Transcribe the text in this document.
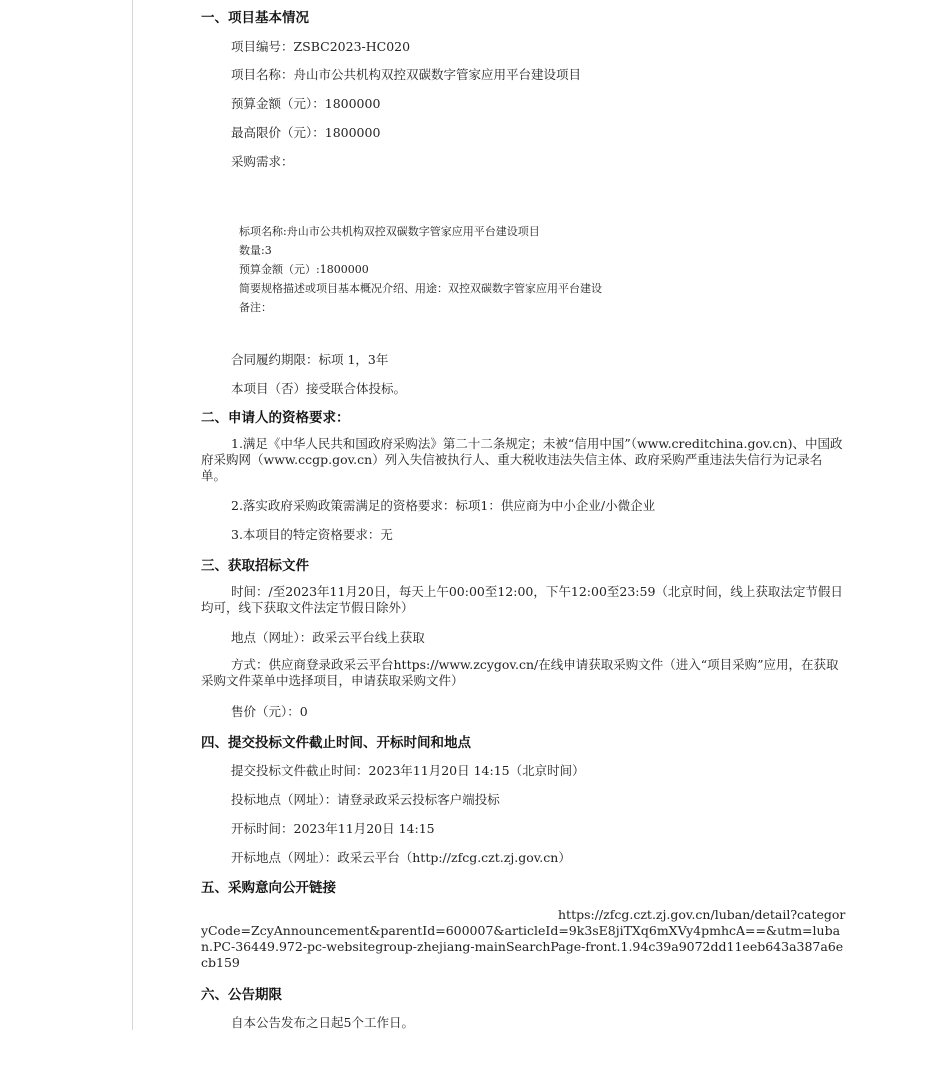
一、项目基本情况
项目编号：ZSBC2023-HC020
项目名称：舟山市公共机构双控双碳数字管家应用平台建设项目
预算金额（元）：1800000
最高限价（元）：1800000
采购需求：
标项名称:舟山市公共机构双控双碳数字管家应用平台建设项目
数量:3
预算金额（元）:1800000
简要规格描述或项目基本概况介绍、用途：双控双碳数字管家应用平台建设
备注：
合同履约期限：标项 1，3年
本项目（否）接受联合体投标。
二、申请人的资格要求：
1.满足《中华人民共和国政府采购法》第二十二条规定；未被“信用中国”（www.creditchina.gov.cn)、中国政府采购网（www.ccgp.gov.cn）列入失信被执行人、重大税收违法失信主体、政府采购严重违法失信行为记录名单。
2.落实政府采购政策需满足的资格要求：标项1：供应商为中小企业/小微企业
3.本项目的特定资格要求：无
三、获取招标文件
时间：/至2023年11月20日，每天上午00:00至12:00，下午12:00至23:59（北京时间，线上获取法定节假日均可，线下获取文件法定节假日除外）
地点（网址）：政采云平台线上获取
方式：供应商登录政采云平台https://www.zcygov.cn/在线申请获取采购文件（进入“项目采购”应用，在获取采购文件菜单中选择项目，申请获取采购文件）
售价（元）：0
四、提交投标文件截止时间、开标时间和地点
提交投标文件截止时间：2023年11月20日 14:15（北京时间）
投标地点（网址）：请登录政采云投标客户端投标
开标时间：2023年11月20日 14:15
开标地点（网址）：政采云平台（http://zfcg.czt.zj.gov.cn）
五、采购意向公开链接
https://zfcg.czt.zj.gov.cn/luban/detail?categoryCode=ZcyAnnouncement&parentId=600007&articleId=9k3sE8jiTXq6mXVy4pmhcA==&utm=luban.PC-36449.972-pc-websitegroup-zhejiang-mainSearchPage-front.1.94c39a9072dd11eeb643a387a6ecb159
六、公告期限
自本公告发布之日起5个工作日。
